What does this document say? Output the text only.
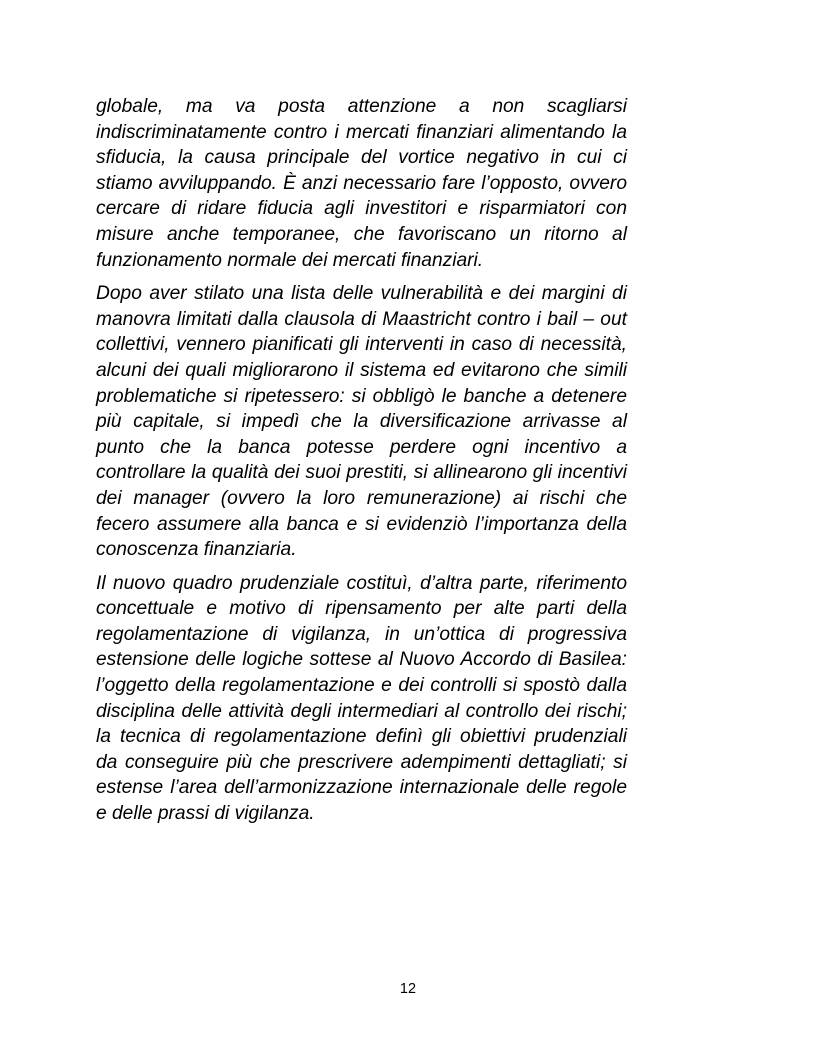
globale, ma va posta attenzione a non scagliarsi indiscriminatamente contro i mercati finanziari alimentando la sfiducia, la causa principale del vortice negativo in cui ci stiamo avviluppando. È anzi necessario fare l’opposto, ovvero cercare di ridare fiducia agli investitori e risparmiatori con misure anche temporanee, che favoriscano un ritorno al funzionamento normale dei mercati finanziari.

Dopo aver stilato una lista delle vulnerabilità e dei margini di manovra limitati dalla clausola di Maastricht contro i bail – out collettivi, vennero pianificati gli interventi in caso di necessità, alcuni dei quali migliorarono il sistema ed evitarono che simili problematiche si ripetessero: si obbligò le banche a detenere più capitale, si impedì che la diversificazione arrivasse al punto che la banca potesse perdere ogni incentivo a controllare la qualità dei suoi prestiti, si allinearono gli incentivi dei manager (ovvero la loro remunerazione) ai rischi che fecero assumere alla banca e si evidenziò l’importanza della conoscenza finanziaria.

Il nuovo quadro prudenziale costituì, d’altra parte, riferimento concettuale e motivo di ripensamento per alte parti della regolamentazione di vigilanza, in un’ottica di progressiva estensione delle logiche sottese al Nuovo Accordo di Basilea: l’oggetto della regolamentazione e dei controlli si spostò dalla disciplina delle attività degli intermediari al controllo dei rischi; la tecnica di regolamentazione definì gli obiettivi prudenziali da conseguire più che prescrivere adempimenti dettagliati; si estense l’area dell’armonizzazione internazionale delle regole e delle prassi di vigilanza.

12
